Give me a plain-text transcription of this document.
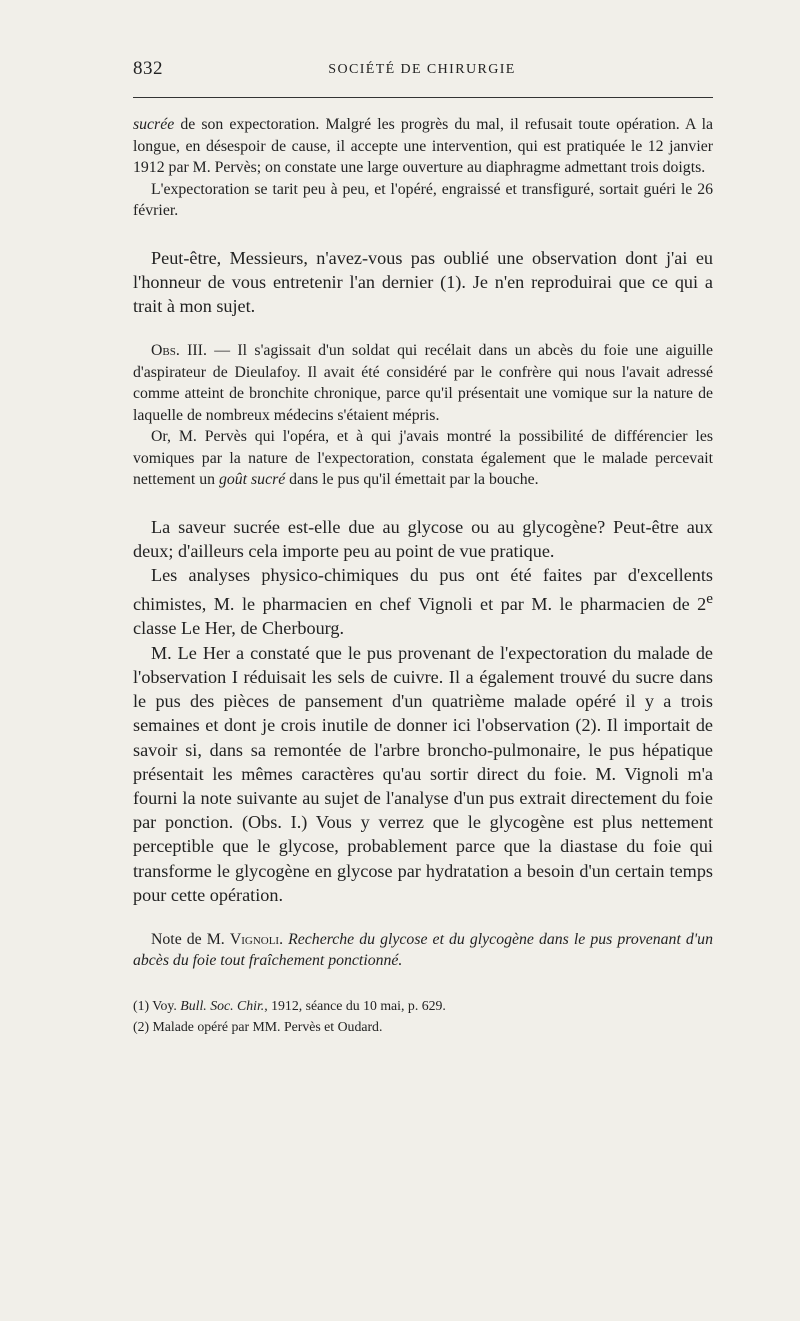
832	SOCIÉTÉ DE CHIRURGIE

sucrée de son expectoration. Malgré les progrès du mal, il refusait toute opération. A la longue, en désespoir de cause, il accepte une intervention, qui est pratiquée le 12 janvier 1912 par M. Pervès; on constate une large ouverture au diaphragme admettant trois doigts.

L'expectoration se tarit peu à peu, et l'opéré, engraissé et transfiguré, sortait guéri le 26 février.

Peut-être, Messieurs, n'avez-vous pas oublié une observation dont j'ai eu l'honneur de vous entretenir l'an dernier (1). Je n'en reproduirai que ce qui a trait à mon sujet.

Obs. III. — Il s'agissait d'un soldat qui recélait dans un abcès du foie une aiguille d'aspirateur de Dieulafoy. Il avait été considéré par le confrère qui nous l'avait adressé comme atteint de bronchite chronique, parce qu'il présentait une vomique sur la nature de laquelle de nombreux médecins s'étaient mépris.

Or, M. Pervès qui l'opéra, et à qui j'avais montré la possibilité de différencier les vomiques par la nature de l'expectoration, constata également que le malade percevait nettement un goût sucré dans le pus qu'il émettait par la bouche.

La saveur sucrée est-elle due au glycose ou au glycogène? Peut-être aux deux; d'ailleurs cela importe peu au point de vue pratique.

Les analyses physico-chimiques du pus ont été faites par d'excellents chimistes, M. le pharmacien en chef Vignoli et par M. le pharmacien de 2e classe Le Her, de Cherbourg.

M. Le Her a constaté que le pus provenant de l'expectoration du malade de l'observation I réduisait les sels de cuivre. Il a également trouvé du sucre dans le pus des pièces de pansement d'un quatrième malade opéré il y a trois semaines et dont je crois inutile de donner ici l'observation (2). Il importait de savoir si, dans sa remontée de l'arbre broncho-pulmonaire, le pus hépatique présentait les mêmes caractères qu'au sortir direct du foie. M. Vignoli m'a fourni la note suivante au sujet de l'analyse d'un pus extrait directement du foie par ponction. (Obs. I.) Vous y verrez que le glycogène est plus nettement perceptible que le glycose, probablement parce que la diastase du foie qui transforme le glycogène en glycose par hydratation a besoin d'un certain temps pour cette opération.

Note de M. Vignoli. Recherche du glycose et du glycogène dans le pus provenant d'un abcès du foie tout fraîchement ponctionné.

(1) Voy. Bull. Soc. Chir., 1912, séance du 10 mai, p. 629.

(2) Malade opéré par MM. Pervès et Oudard.
